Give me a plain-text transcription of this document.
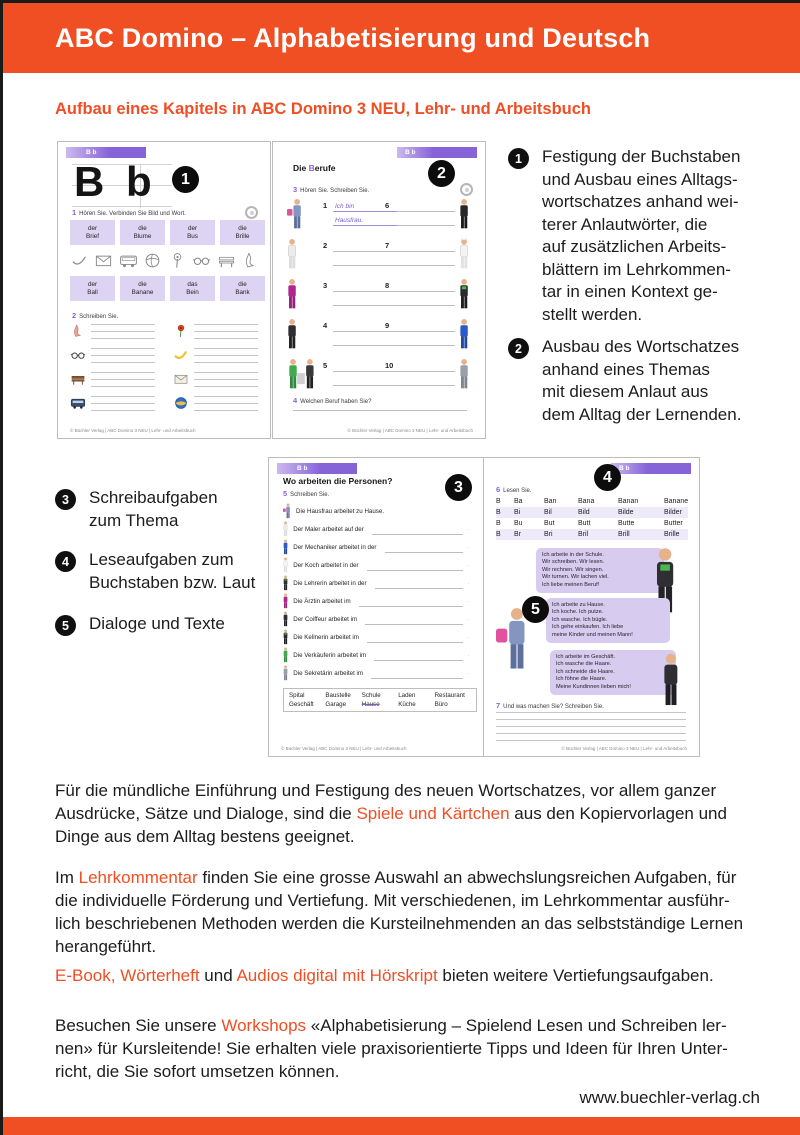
ABC Domino – Alphabetisierung und Deutsch
Aufbau eines Kapitels in ABC Domino 3 NEU, Lehr- und Arbeitsbuch
B b
B b	1
1 Hören Sie. Verbinden Sie Bild und Wort.
der
Brief
die
Blume
der
Bus
die
Brille
der
Ball
die
Banane
das
Bein
die
Bank
2 Schreiben Sie.
© Büchler Verlag | ABC Domino 3 NEU | Lehr- und Arbeitsbuch
B b
Die Berufe	2
3 Hören Sie. Schreiben Sie.
1	6
Ich bin
Hausfrau.
2	7
3	8
4	9
5	10
4 Welchen Beruf haben Sie?
© Büchler Verlag | ABC Domino 3 NEU | Lehr- und Arbeitsbuch
1	Festigung der Buchstaben
und Ausbau eines Alltags-
wortschatzes anhand wei-
terer Anlautwörter, die
auf zusätzlichen Arbeits-
blättern im Lehrkommen-
tar in einen Kontext ge-
stellt werden.
2	Ausbau des Wortschatzes
anhand eines Themas
mit diesem Anlaut aus
dem Alltag der Lernenden.
3	Schreibaufgaben
zum Thema
4	Leseaufgaben zum
Buchstaben bzw. Laut
5	Dialoge und Texte
B b
Wo arbeiten die Personen?
5 Schreiben Sie.	3
Die Hausfrau arbeitet zu Hause.
Der Maler arbeitet auf der	.
Der Mechaniker arbeitet in der	.
Der Koch arbeitet in der	.
Die Lehrerin arbeitet in der	.
Die Ärztin arbeitet im	.
Der Coiffeur arbeitet im	.
Die Kellnerin arbeitet im	.
Die Verkäuferin arbeitet im	.
Die Sekretärin arbeitet im	.
Spital	Baustelle	Schule	Laden	Restaurant
Geschäft	Garage	Hause	Küche	Büro
© Büchler Verlag | ABC Domino 3 NEU | Lehr- und Arbeitsbuch
B b
4
6 Lesen Sie.
B	Ba	Ban	Bana	Banan	Banane
B	Bi	Bil	Bild	Bilde	Bilder
B	Bu	But	Butt	Butte	Butter
B	Br	Bri	Bril	Brill	Brille
Ich arbeite in der Schule.
Wir schreiben. Wir lesen.
Wir rechnen. Wir singen.
Wir turnen. Wir lachen viel.
Ich liebe meinen Beruf!
Ich arbeite zu Hause.
Ich koche. Ich putze.
Ich wasche. Ich bügle.
Ich gehe einkaufen. Ich liebe
meine Kinder und meinen Mann!
Ich arbeite im Geschäft.
Ich wasche die Haare.
Ich schneide die Haare.
Ich föhne die Haare.
Meine Kundinnen lieben mich!
5
7 Und was machen Sie? Schreiben Sie.
© Büchler Verlag | ABC Domino 3 NEU | Lehr- und Arbeitsbuch
Für die mündliche Einführung und Festigung des neuen Wortschatzes, vor allem ganzer
Ausdrücke, Sätze und Dialoge, sind die Spiele und Kärtchen aus den Kopiervorlagen und
Dinge aus dem Alltag bestens geeignet.
Im Lehrkommentar finden Sie eine grosse Auswahl an abwechslungsreichen Aufgaben, für
die individuelle Förderung und Vertiefung. Mit verschiedenen, im Lehrkommentar ausführ-
lich beschriebenen Methoden werden die Kursteilnehmenden an das selbstständige Lernen
herangeführt.
E-Book, Wörterheft und Audios digital mit Hörskript bieten weitere Vertiefungsaufgaben.
Besuchen Sie unsere Workshops «Alphabetisierung – Spielend Lesen und Schreiben ler-
nen» für Kursleitende! Sie erhalten viele praxisorientierte Tipps und Ideen für Ihren Unter-
richt, die Sie sofort umsetzen können.
www.buechler-verlag.ch
